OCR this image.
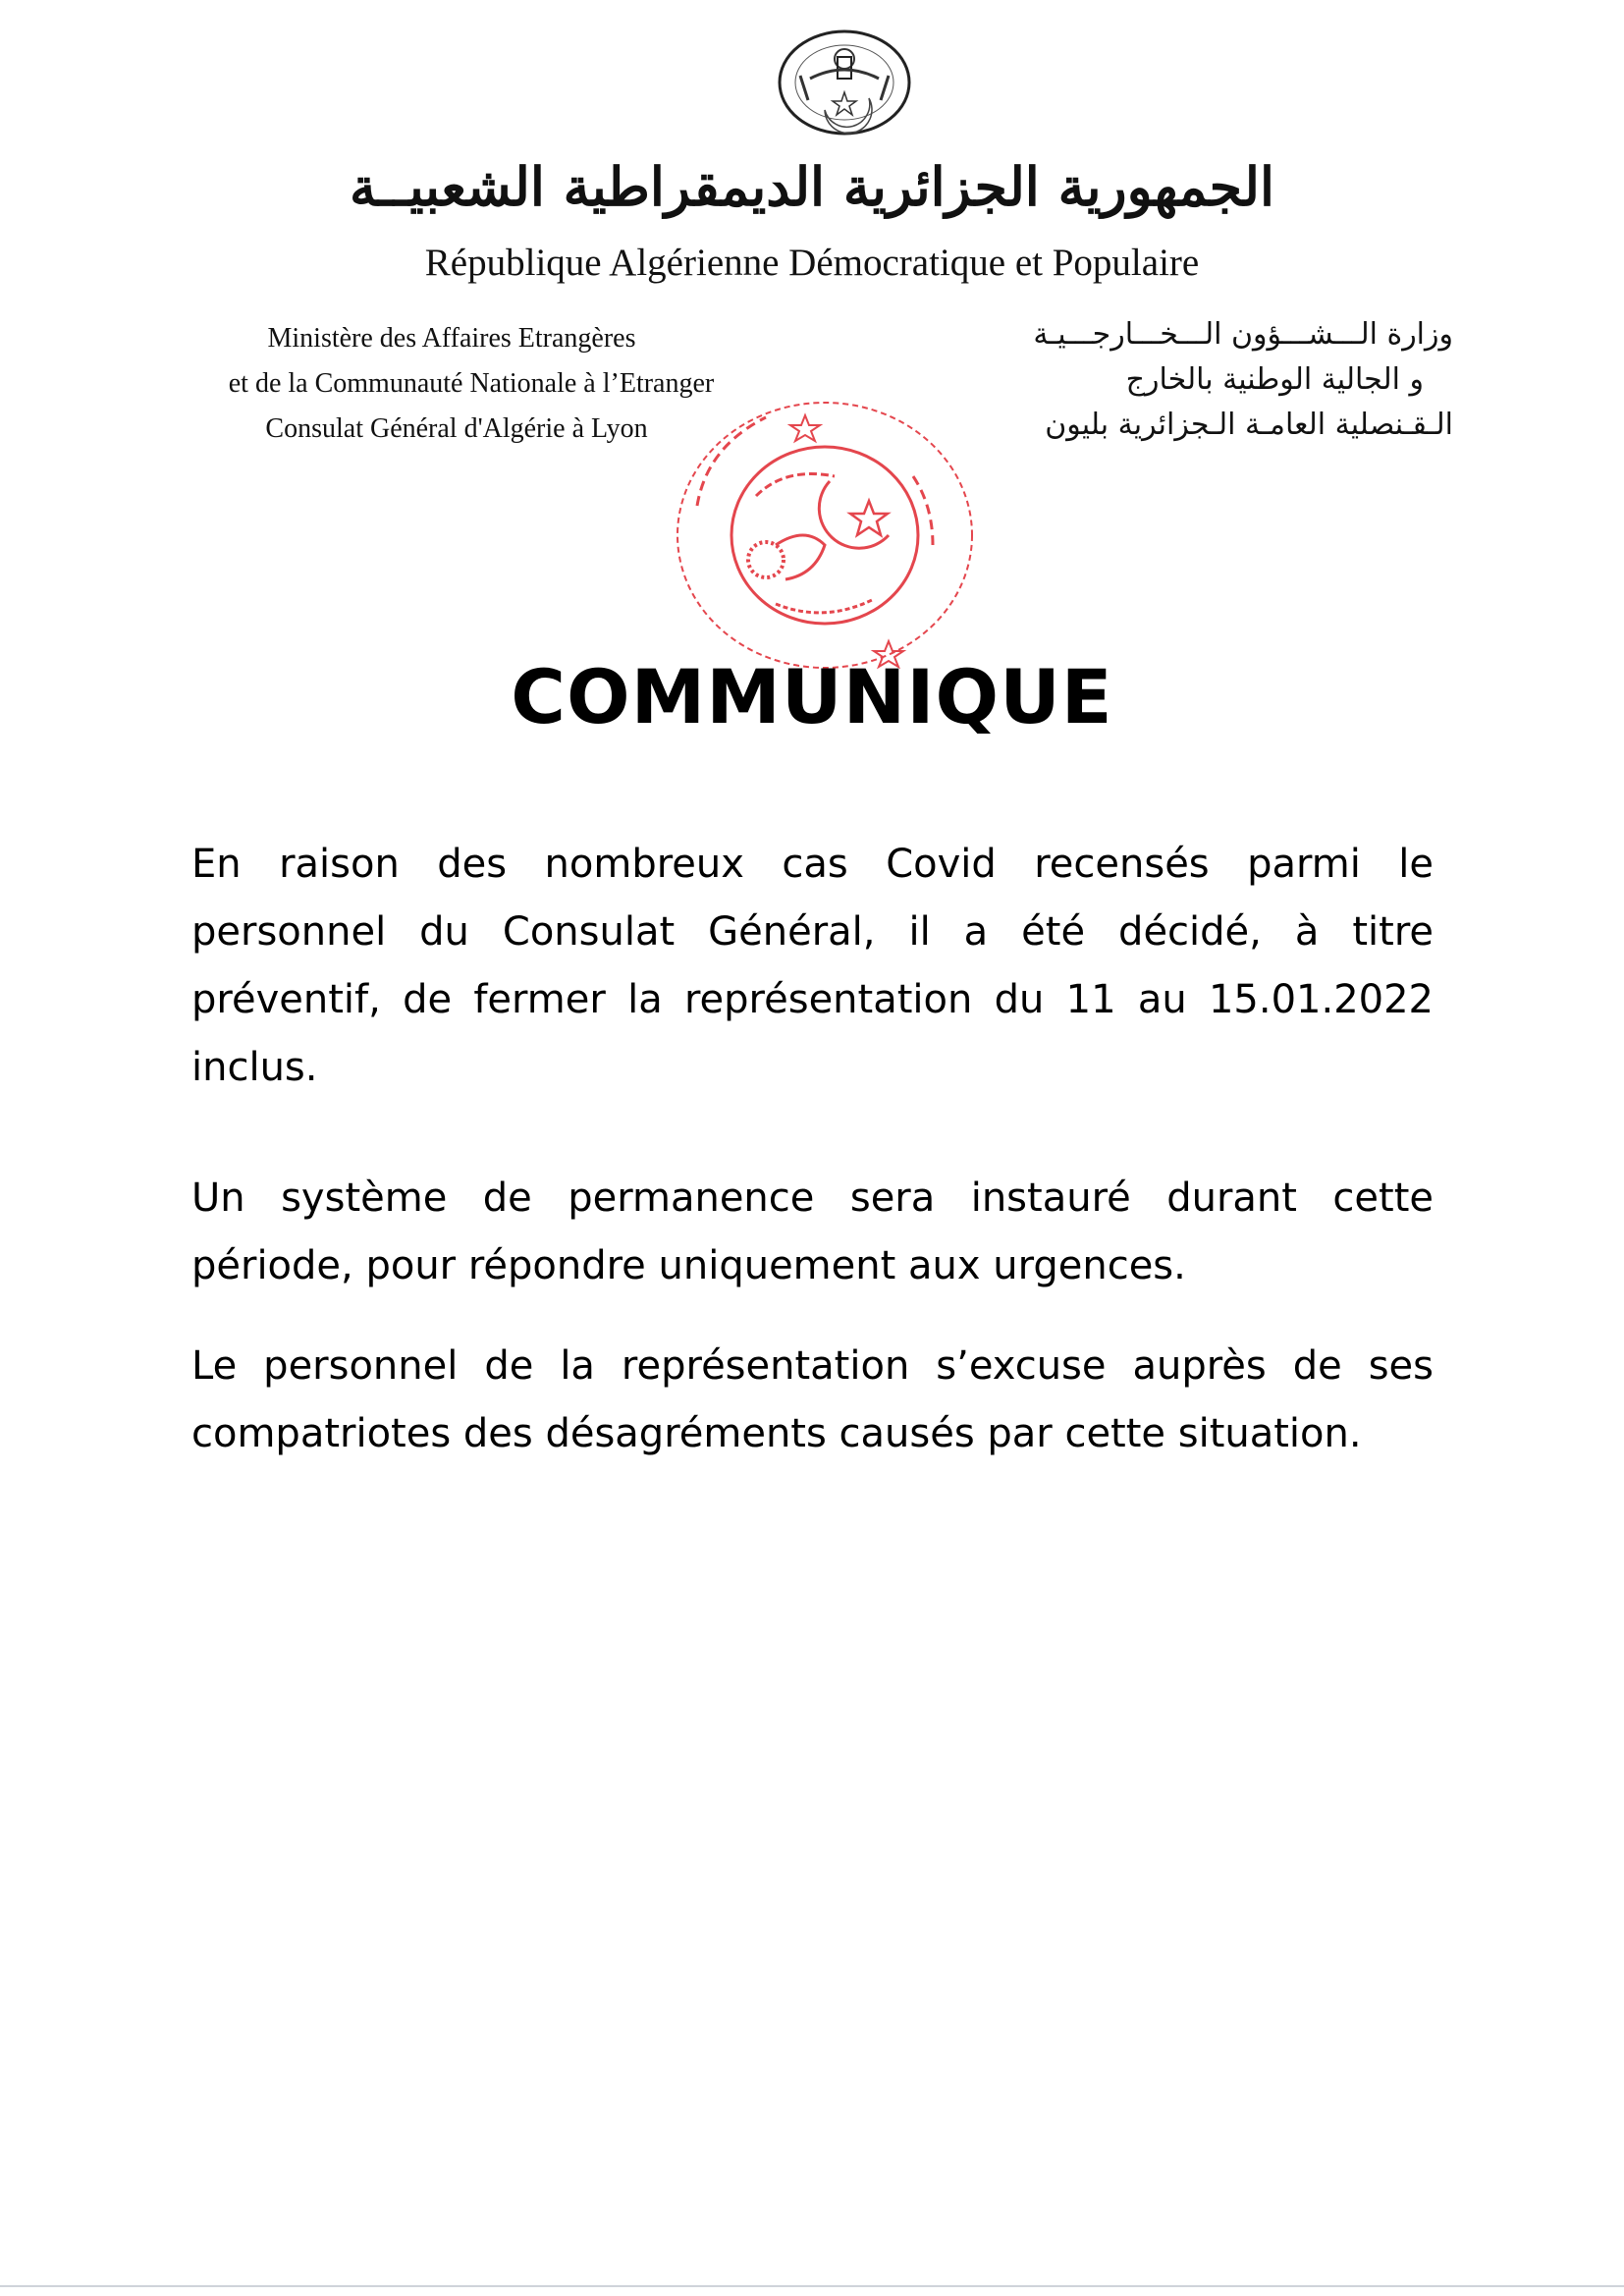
الجمهورية الجزائرية الديمقراطية الشعبيــة
République Algérienne Démocratique et Populaire
Ministère des Affaires Etrangères
et de la Communauté Nationale à l’Etranger
Consulat Général d'Algérie à Lyon
وزارة الـــشـــؤون الـــخـــارجـــيـة
و الجالية الوطنية بالخارج
الـقـنصلية العامـة الـجزائرية بليون
COMMUNIQUE

En raison des nombreux cas Covid recensés parmi le personnel du Consulat Général, il a été décidé, à titre préventif, de fermer la représentation du 11 au 15.01.2022 inclus.

Un système de permanence sera instauré durant cette période, pour répondre uniquement aux urgences.

Le personnel de la représentation s’excuse auprès de ses compatriotes des désagréments causés par cette situation.
